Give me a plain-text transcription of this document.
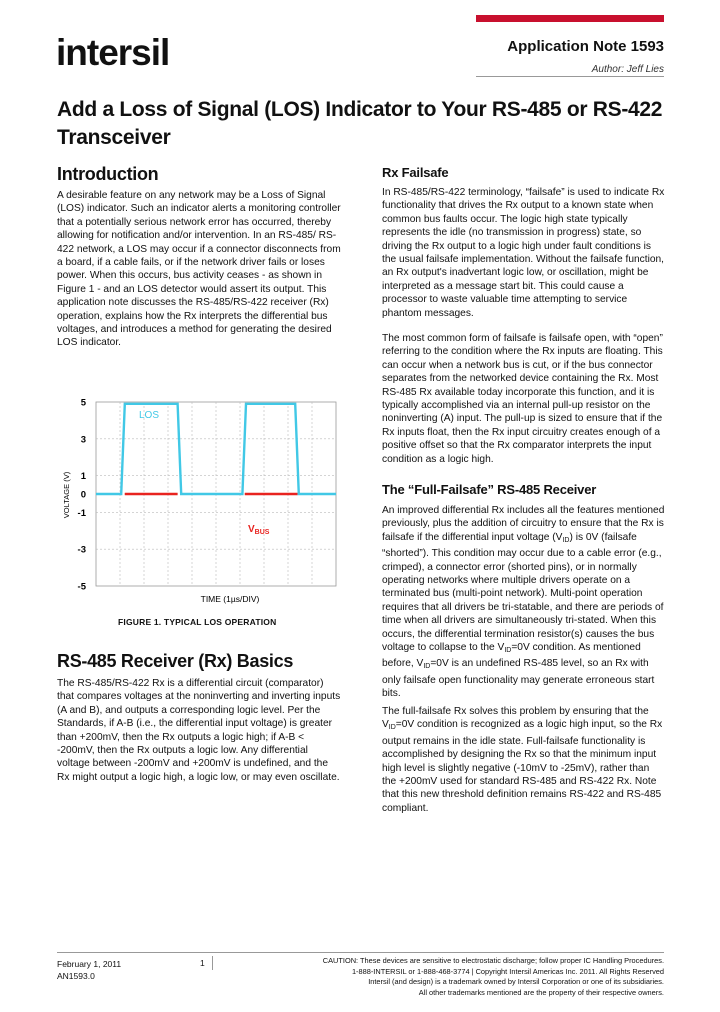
intersil	Application Note 1593
Author: Jeff Lies
Add a Loss of Signal (LOS) Indicator to Your RS-485 or RS-422 Transceiver
Introduction

A desirable feature on any network may be a Loss of Signal (LOS) indicator. Such an indicator alerts a monitoring controller that a potentially serious network error has occurred, thereby allowing for notification and/or intervention. In an RS-485/ RS-422 network, a LOS may occur if a connector disconnects from a board, if a cable fails, or if the network driver fails or loses power. When this occurs, bus activity ceases - as shown in Figure 1 - and an LOS detector would assert its output. This application note discusses the RS-485/RS-422 receiver (Rx) operation, explains how the Rx interprets the differential bus voltages, and introduces a method for generating the desired LOS indicator.

5
3
1
0
-1
-3
-5
LOS
$V_{BUS}$
TIME (1µs/DIV)
VOLTAGE (V)
FIGURE 1. TYPICAL LOS OPERATION
RS-485 Receiver (Rx) Basics

The RS-485/RS-422 Rx is a differential circuit (comparator) that compares voltages at the noninverting and inverting inputs (A and B), and outputs a corresponding logic level. Per the Standards, if A-B (i.e., the differential input voltage) is greater than +200mV, then the Rx outputs a logic high; if A-B < -200mV, then the Rx outputs a logic low. Any differential voltage between -200mV and +200mV is undefined, and the Rx might output a logic high, a logic low, or may even oscillate.

Rx Failsafe

In RS-485/RS-422 terminology, “failsafe” is used to indicate Rx functionality that drives the Rx output to a known state when common bus faults occur. The logic high state typically represents the idle (no transmission in progress) state, so driving the Rx output to a logic high under fault conditions is the usual failsafe implementation. Without the failsafe function, an Rx output's inadvertant logic low, or oscillation, might be interpreted as a message start bit. This could cause a processor to waste valuable time attempting to service phantom messages.

The most common form of failsafe is failsafe open, with “open” referring to the condition where the Rx inputs are floating. This can occur when a network bus is cut, or if the bus connector separates from the networked device containing the Rx. Most RS-485 Rx available today incorporate this function, and it is typically accomplished via an internal pull-up resistor on the noninverting (A) input. The pull-up is sized to ensure that if the Rx inputs float, then the Rx input circuitry creates enough of a positive offset so that the Rx comparator interprets the input condition as a logic high.

The “Full-Failsafe” RS-485 Receiver

An improved differential Rx includes all the features mentioned previously, plus the addition of circuitry to ensure that the Rx is failsafe if the differential input voltage $(V_{ID})$ is 0V (failsafe “shorted”). This condition may occur due to a cable error (e.g., crimped), a connector error (shorted pins), or in normally operating networks where multiple drivers operate on a terminated bus (multi-point network). Multi-point operation requires that all drivers be tri-statable, and there are periods of time when all drivers are simultaneously tri-stated. When this occurs, the differential termination resistor(s) causes the bus voltage to collapse to the $V_{ID}=0V$ condition. As mentioned before, $V_{ID}=0V$ is an undefined RS-485 level, so an Rx with only failsafe open functionality may generate erroneous start bits.

The full-failsafe Rx solves this problem by ensuring that the $V_{ID}=0V$ condition is recognized as a logic high input, so the Rx output remains in the idle state. Full-failsafe functionality is accomplished by designing the Rx so that the minimum input high level is slightly negative (-10mV to -25mV), rather than the +200mV used for standard RS-485 and RS-422 Rx. Note that this new threshold definition remains RS-422 and RS-485 compliant.

February 1, 2011
AN1593.0
1	CAUTION: These devices are sensitive to electrostatic discharge; follow proper IC Handling Procedures.
1-888-INTERSIL or 1-888-468-3774 | Copyright Intersil Americas Inc. 2011. All Rights Reserved
Intersil (and design) is a trademark owned by Intersil Corporation or one of its subsidiaries.
All other trademarks mentioned are the property of their respective owners.
